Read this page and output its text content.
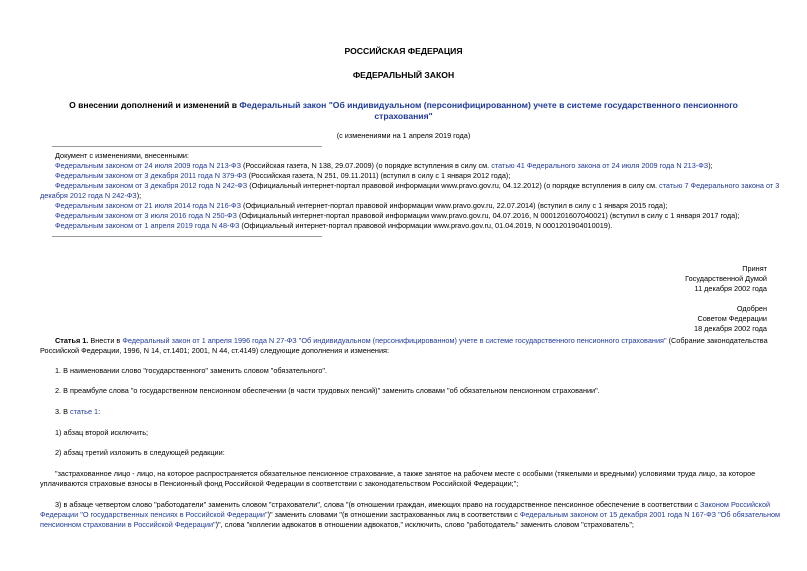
РОССИЙСКАЯ ФЕДЕРАЦИЯ
ФЕДЕРАЛЬНЫЙ ЗАКОН
О внесении дополнений и изменений в Федеральный закон "Об индивидуальном (персонифицированном) учете в системе государственного пенсионного
страхования"
(с изменениями на 1 апреля 2019 года)
Документ с изменениями, внесенными:
Федеральным законом от 24 июля 2009 года N 213-ФЗ (Российская газета, N 138, 29.07.2009) (о порядке вступления в силу см. статью 41 Федерального закона от 24 июля 2009 года N 213-ФЗ);
Федеральным законом от 3 декабря 2011 года N 379-ФЗ (Российская газета, N 251, 09.11.2011) (вступил в силу с 1 января 2012 года);
Федеральным законом от 3 декабря 2012 года N 242-ФЗ (Официальный интернет-портал правовой информации www.pravo.gov.ru, 04.12.2012) (о порядке вступления в силу см. статью 7 Федерального закона от 3
декабря 2012 года N 242-ФЗ);
Федеральным законом от 21 июля 2014 года N 216-ФЗ (Официальный интернет-портал правовой информации www.pravo.gov.ru, 22.07.2014) (вступил в силу с 1 января 2015 года);
Федеральным законом от 3 июля 2016 года N 250-ФЗ (Официальный интернет-портал правовой информации www.pravo.gov.ru, 04.07.2016, N 0001201607040021) (вступил в силу с 1 января 2017 года);
Федеральным законом от 1 апреля 2019 года N 48-ФЗ (Официальный интернет-портал правовой информации www.pravo.gov.ru, 01.04.2019, N 0001201904010019).
Принят
Государственной Думой
11 декабря 2002 года
Одобрен
Советом Федерации
18 декабря 2002 года
Статья 1. Внести в Федеральный закон от 1 апреля 1996 года N 27-ФЗ "Об индивидуальном (персонифицированном) учете в системе государственного пенсионного страхования" (Собрание законодательства
Российской Федерации, 1996, N 14, ст.1401; 2001, N 44, ст.4149) следующие дополнения и изменения:
1. В наименовании слово "государственного" заменить словом "обязательного".
2. В преамбуле слова "о государственном пенсионном обеспечении (в части трудовых пенсий)" заменить словами "об обязательном пенсионном страховании".
3. В статье 1:
1) абзац второй исключить;
2) абзац третий изложить в следующей редакции:
"застрахованное лицо - лицо, на которое распространяется обязательное пенсионное страхование, а также занятое на рабочем месте с особыми (тяжелыми и вредными) условиями труда лицо, за которое
уплачиваются страховые взносы в Пенсионный фонд Российской Федерации в соответствии с законодательством Российской Федерации;";
3) в абзаце четвертом слово "работодатели" заменить словом "страхователи", слова "(в отношении граждан, имеющих право на государственное пенсионное обеспечение в соответствии с Законом Российской
Федерации "О государственных пенсиях в Российской Федерации")" заменить словами "(в отношении застрахованных лиц в соответствии с Федеральным законом от 15 декабря 2001 года N 167-ФЗ "Об обязательном
пенсионном страховании в Российской Федерации")", слова "коллегии адвокатов в отношении адвокатов," исключить, слово "работодатель" заменить словом "страхователь";
